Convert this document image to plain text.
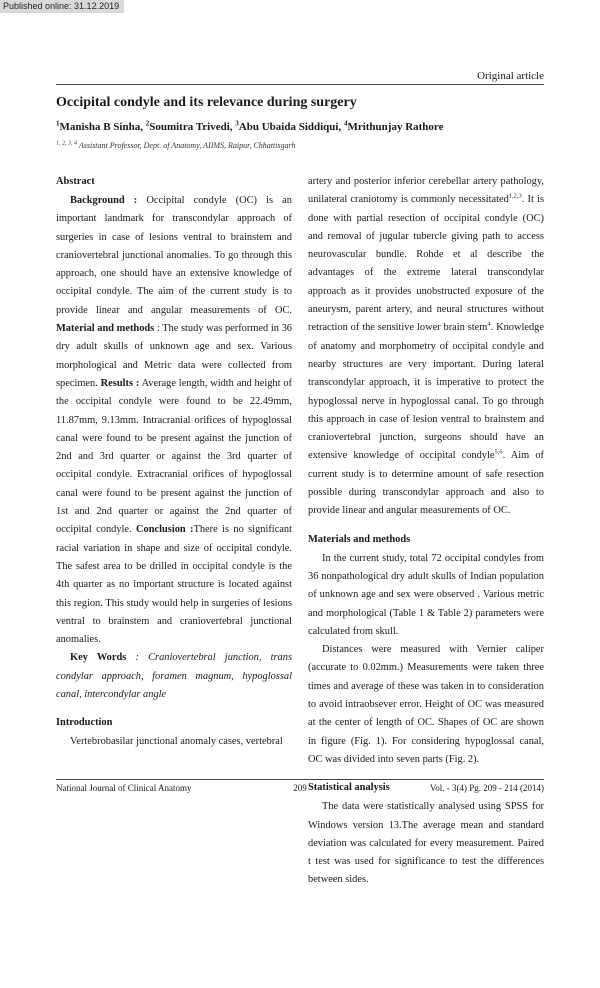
Published online: 31.12.2019
Original article
Occipital condyle and its relevance during surgery
$^1$Manisha B Sinha, $^2$Soumitra Trivedi, $^3$Abu Ubaida Siddiqui, $^4$Mrithunjay Rathore
$^{1, 2, 3, 4}$ Assistant Professor, Dept. of Anatomy, AIIMS, Raipur, Chhattisgarh
Abstract

Background : Occipital condyle (OC) is an important landmark for transcondylar approach of surgeries in case of lesions ventral to brainstem and craniovertebral junctional anomalies. To go through this approach, one should have an extensive knowledge of occipital condyle. The aim of the current study is to provide linear and angular measurements of OC. Material and methods : The study was performed in 36 dry adult skulls of unknown age and sex. Various morphological and Metric data were collected from specimen. Results : Average length, width and height of the occipital condyle were found to be 22.49mm, 11.87mm, 9.13mm. Intracranial orifices of hypoglossal canal were found to be present against the junction of 2nd and 3rd quarter or against the 3rd quarter of occipital condyle. Extracranial orifices of hypoglossal canal were found to be present against the junction of 1st and 2nd quarter or against the 2nd quarter of occipital condyle. Conclusion :There is no significant racial variation in shape and size of occipital condyle. The safest area to be drilled in occipital condyle is the 4th quarter as no important structure is located against this region. This study would help in surgeries of lesions ventral to brainstem and craniovertebral junctional anomalies.

Key Words : Craniovertebral junction, trans condylar approach, foramen magnum, hypoglossal canal, intercondylar angle

Introduction

Vertebrobasilar junctional anomaly cases, vertebral

artery and posterior inferior cerebellar artery pathology, unilateral craniotomy is commonly necessitated$^{1,2,3}$. It is done with partial resection of occipital condyle (OC) and removal of jugular tubercle giving path to access neurovascular bundle. Rohde et al describe the advantages of the extreme lateral transcondylar approach as it provides unobstructed exposure of the aneurysm, parent artery, and neural structures without retraction of the sensitive lower brain stem$^4$. Knowledge of anatomy and morphometry of occipital condyle and nearby structures are very important. During lateral transcondylar approach, it is imperative to protect the hypoglossal nerve in hypoglossal canal. To go through this approach in case of lesion ventral to brainstem and craniovertebral junction, surgeons should have an extensive knowledge of occipital condyle$^{5,6}$. Aim of current study is to determine amount of safe resection possible during transcondylar approach and also to provide linear and angular measurements of OC.

Materials and methods

In the current study, total 72 occipital condyles from 36 nonpathological dry adult skulls of Indian population of unknown age and sex were observed . Various metric and morphological (Table 1 & Table 2) parameters were calculated from skull.

Distances were measured with Vernier caliper (accurate to 0.02mm.) Measurements were taken three times and average of these was taken in to consideration to avoid intraobsever error. Height of OC was measured at the center of length of OC. Shapes of OC are shown in figure (Fig. 1). For considering hypoglossal canal, OC was divided into seven parts (Fig. 2).

Statistical analysis

The data were statistically analysed using SPSS for Windows version 13.The average mean and standard deviation was calculated for every measurement. Paired t test was used for significance to test the differences between sides.

National Journal of Clinical Anatomy	209	Vol. - 3(4) Pg. 209 - 214 (2014)
